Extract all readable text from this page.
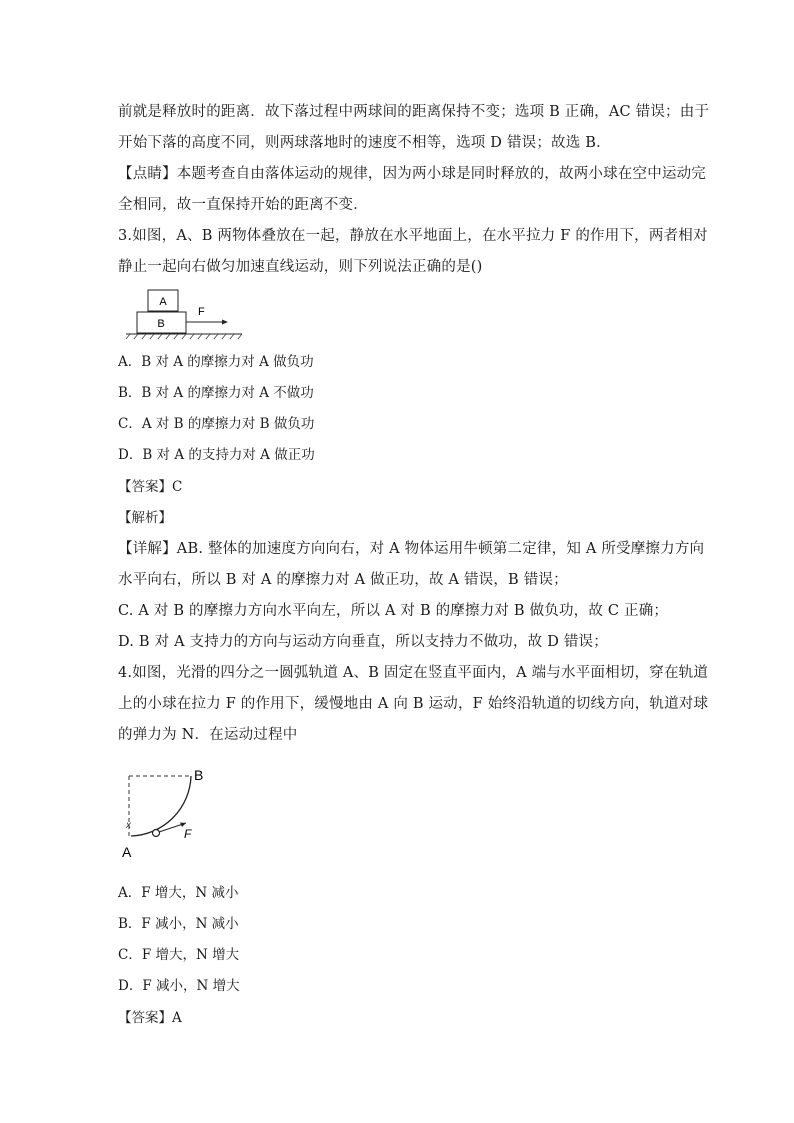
前就是释放时的距离．故下落过程中两球间的距离保持不变；选项 B 正确，AC 错误；由于
开始下落的高度不同，则两球落地时的速度不相等，选项 D 错误；故选 B．
【点睛】本题考查自由落体运动的规律，因为两小球是同时释放的，故两小球在空中运动完
全相同，故一直保持开始的距离不变．
3.如图，A、B 两物体叠放在一起，静放在水平地面上，在水平拉力 F 的作用下，两者相对
静止一起向右做匀加速直线运动，则下列说法正确的是()
A
B
F
A．B 对 A 的摩擦力对 A 做负功
B．B 对 A 的摩擦力对 A 不做功
C．A 对 B 的摩擦力对 B 做负功
D．B 对 A 的支持力对 A 做正功
【答案】C
【解析】
【详解】AB. 整体的加速度方向向右，对 A 物体运用牛顿第二定律，知 A 所受摩擦力方向
水平向右，所以 B 对 A 的摩擦力对 A 做正功，故 A 错误，B 错误；
C. A 对 B 的摩擦力方向水平向左，所以 A 对 B 的摩擦力对 B 做负功，故 C 正确；
D. B 对 A 支持力的方向与运动方向垂直，所以支持力不做功，故 D 错误；
4.如图，光滑的四分之一圆弧轨道 A、B 固定在竖直平面内，A 端与水平面相切，穿在轨道
上的小球在拉力 F 的作用下，缓慢地由 A 向 B 运动，F 始终沿轨道的切线方向，轨道对球
的弹力为 N．在运动过程中
x
F
B
A
A．F 增大，N 减小
B．F 减小，N 减小
C．F 增大，N 增大
D．F 减小，N 增大
【答案】A
